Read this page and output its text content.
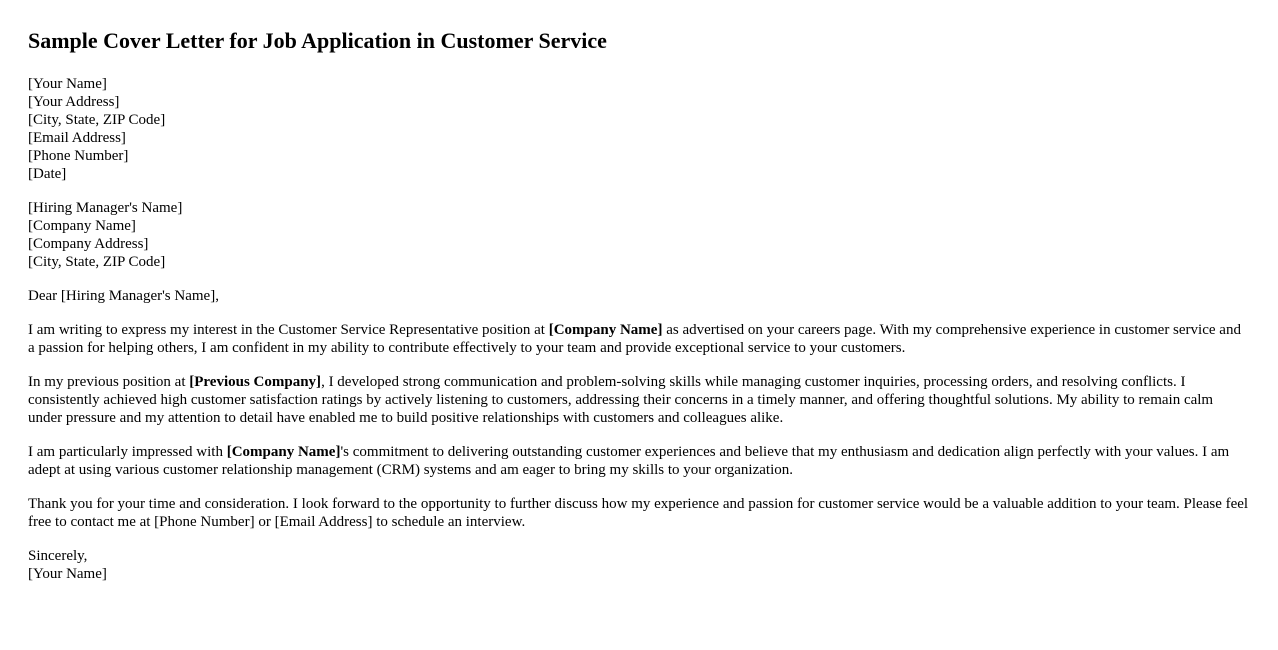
Sample Cover Letter for Job Application in Customer Service
[Your Name]
[Your Address]
[City, State, ZIP Code]
[Email Address]
[Phone Number]
[Date]
[Hiring Manager's Name]
[Company Name]
[Company Address]
[City, State, ZIP Code]

Dear [Hiring Manager's Name],

I am writing to express my interest in the Customer Service Representative position at [Company Name] as advertised on your careers page. With my comprehensive experience in customer service and a passion for helping others, I am confident in my ability to contribute effectively to your team and provide exceptional service to your customers.

In my previous position at [Previous Company], I developed strong communication and problem-solving skills while managing customer inquiries, processing orders, and resolving conflicts. I consistently achieved high customer satisfaction ratings by actively listening to customers, addressing their concerns in a timely manner, and offering thoughtful solutions. My ability to remain calm under pressure and my attention to detail have enabled me to build positive relationships with customers and colleagues alike.

I am particularly impressed with [Company Name]'s commitment to delivering outstanding customer experiences and believe that my enthusiasm and dedication align perfectly with your values. I am adept at using various customer relationship management (CRM) systems and am eager to bring my skills to your organization.

Thank you for your time and consideration. I look forward to the opportunity to further discuss how my experience and passion for customer service would be a valuable addition to your team. Please feel free to contact me at [Phone Number] or [Email Address] to schedule an interview.

Sincerely,
[Your Name]
